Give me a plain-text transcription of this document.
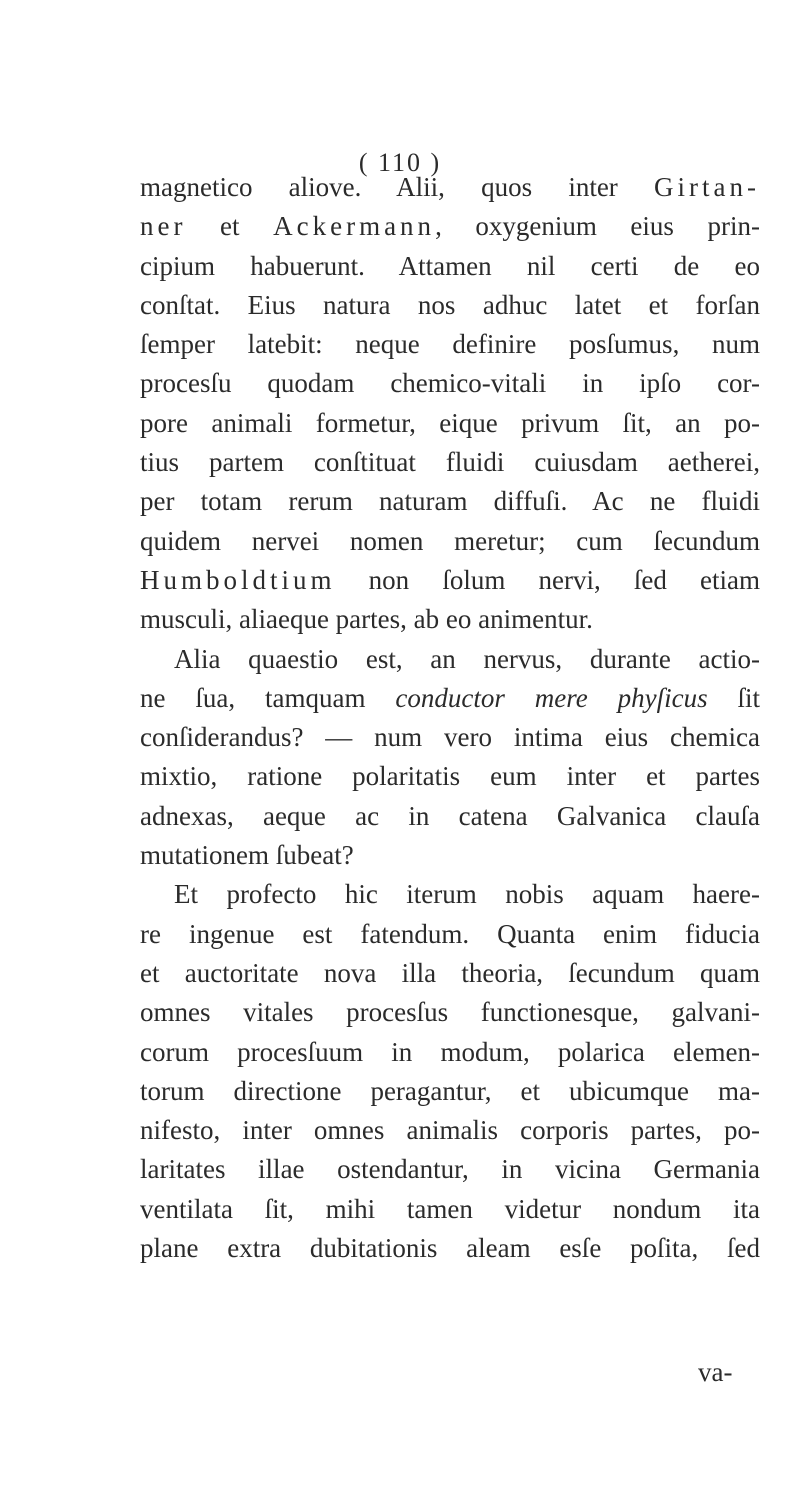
( 110 )
magnetico aliove. Alii, quos inter Girtan-
ner et Ackermann, oxygenium eius prin-
cipium habuerunt. Attamen nil certi de eo
conſtat. Eius natura nos adhuc latet et forſan
ſemper latebit: neque definire posſumus, num
procesſu quodam chemico-vitali in ipſo cor-
pore animali formetur, eique privum ſit, an po-
tius partem conſtituat fluidi cuiusdam aetherei,
per totam rerum naturam diffuſi. Ac ne fluidi
quidem nervei nomen meretur; cum ſecundum
Humboldtium non ſolum nervi, ſed etiam
musculi, aliaeque partes, ab eo animentur.
Alia quaestio est, an nervus, durante actio-
ne ſua, tamquam conductor mere phyſicus ſit
conſiderandus? — num vero intima eius chemica
mixtio, ratione polaritatis eum inter et partes
adnexas, aeque ac in catena Galvanica clauſa
mutationem ſubeat?
Et profecto hic iterum nobis aquam haere-
re ingenue est fatendum. Quanta enim fiducia
et auctoritate nova illa theoria, ſecundum quam
omnes vitales procesſus functionesque, galvani-
corum procesſuum in modum, polarica elemen-
torum directione peragantur, et ubicumque ma-
nifesto, inter omnes animalis corporis partes, po-
laritates illae ostendantur, in vicina Germania
ventilata ſit, mihi tamen videtur nondum ita
plane extra dubitationis aleam esſe poſita, ſed
va-
